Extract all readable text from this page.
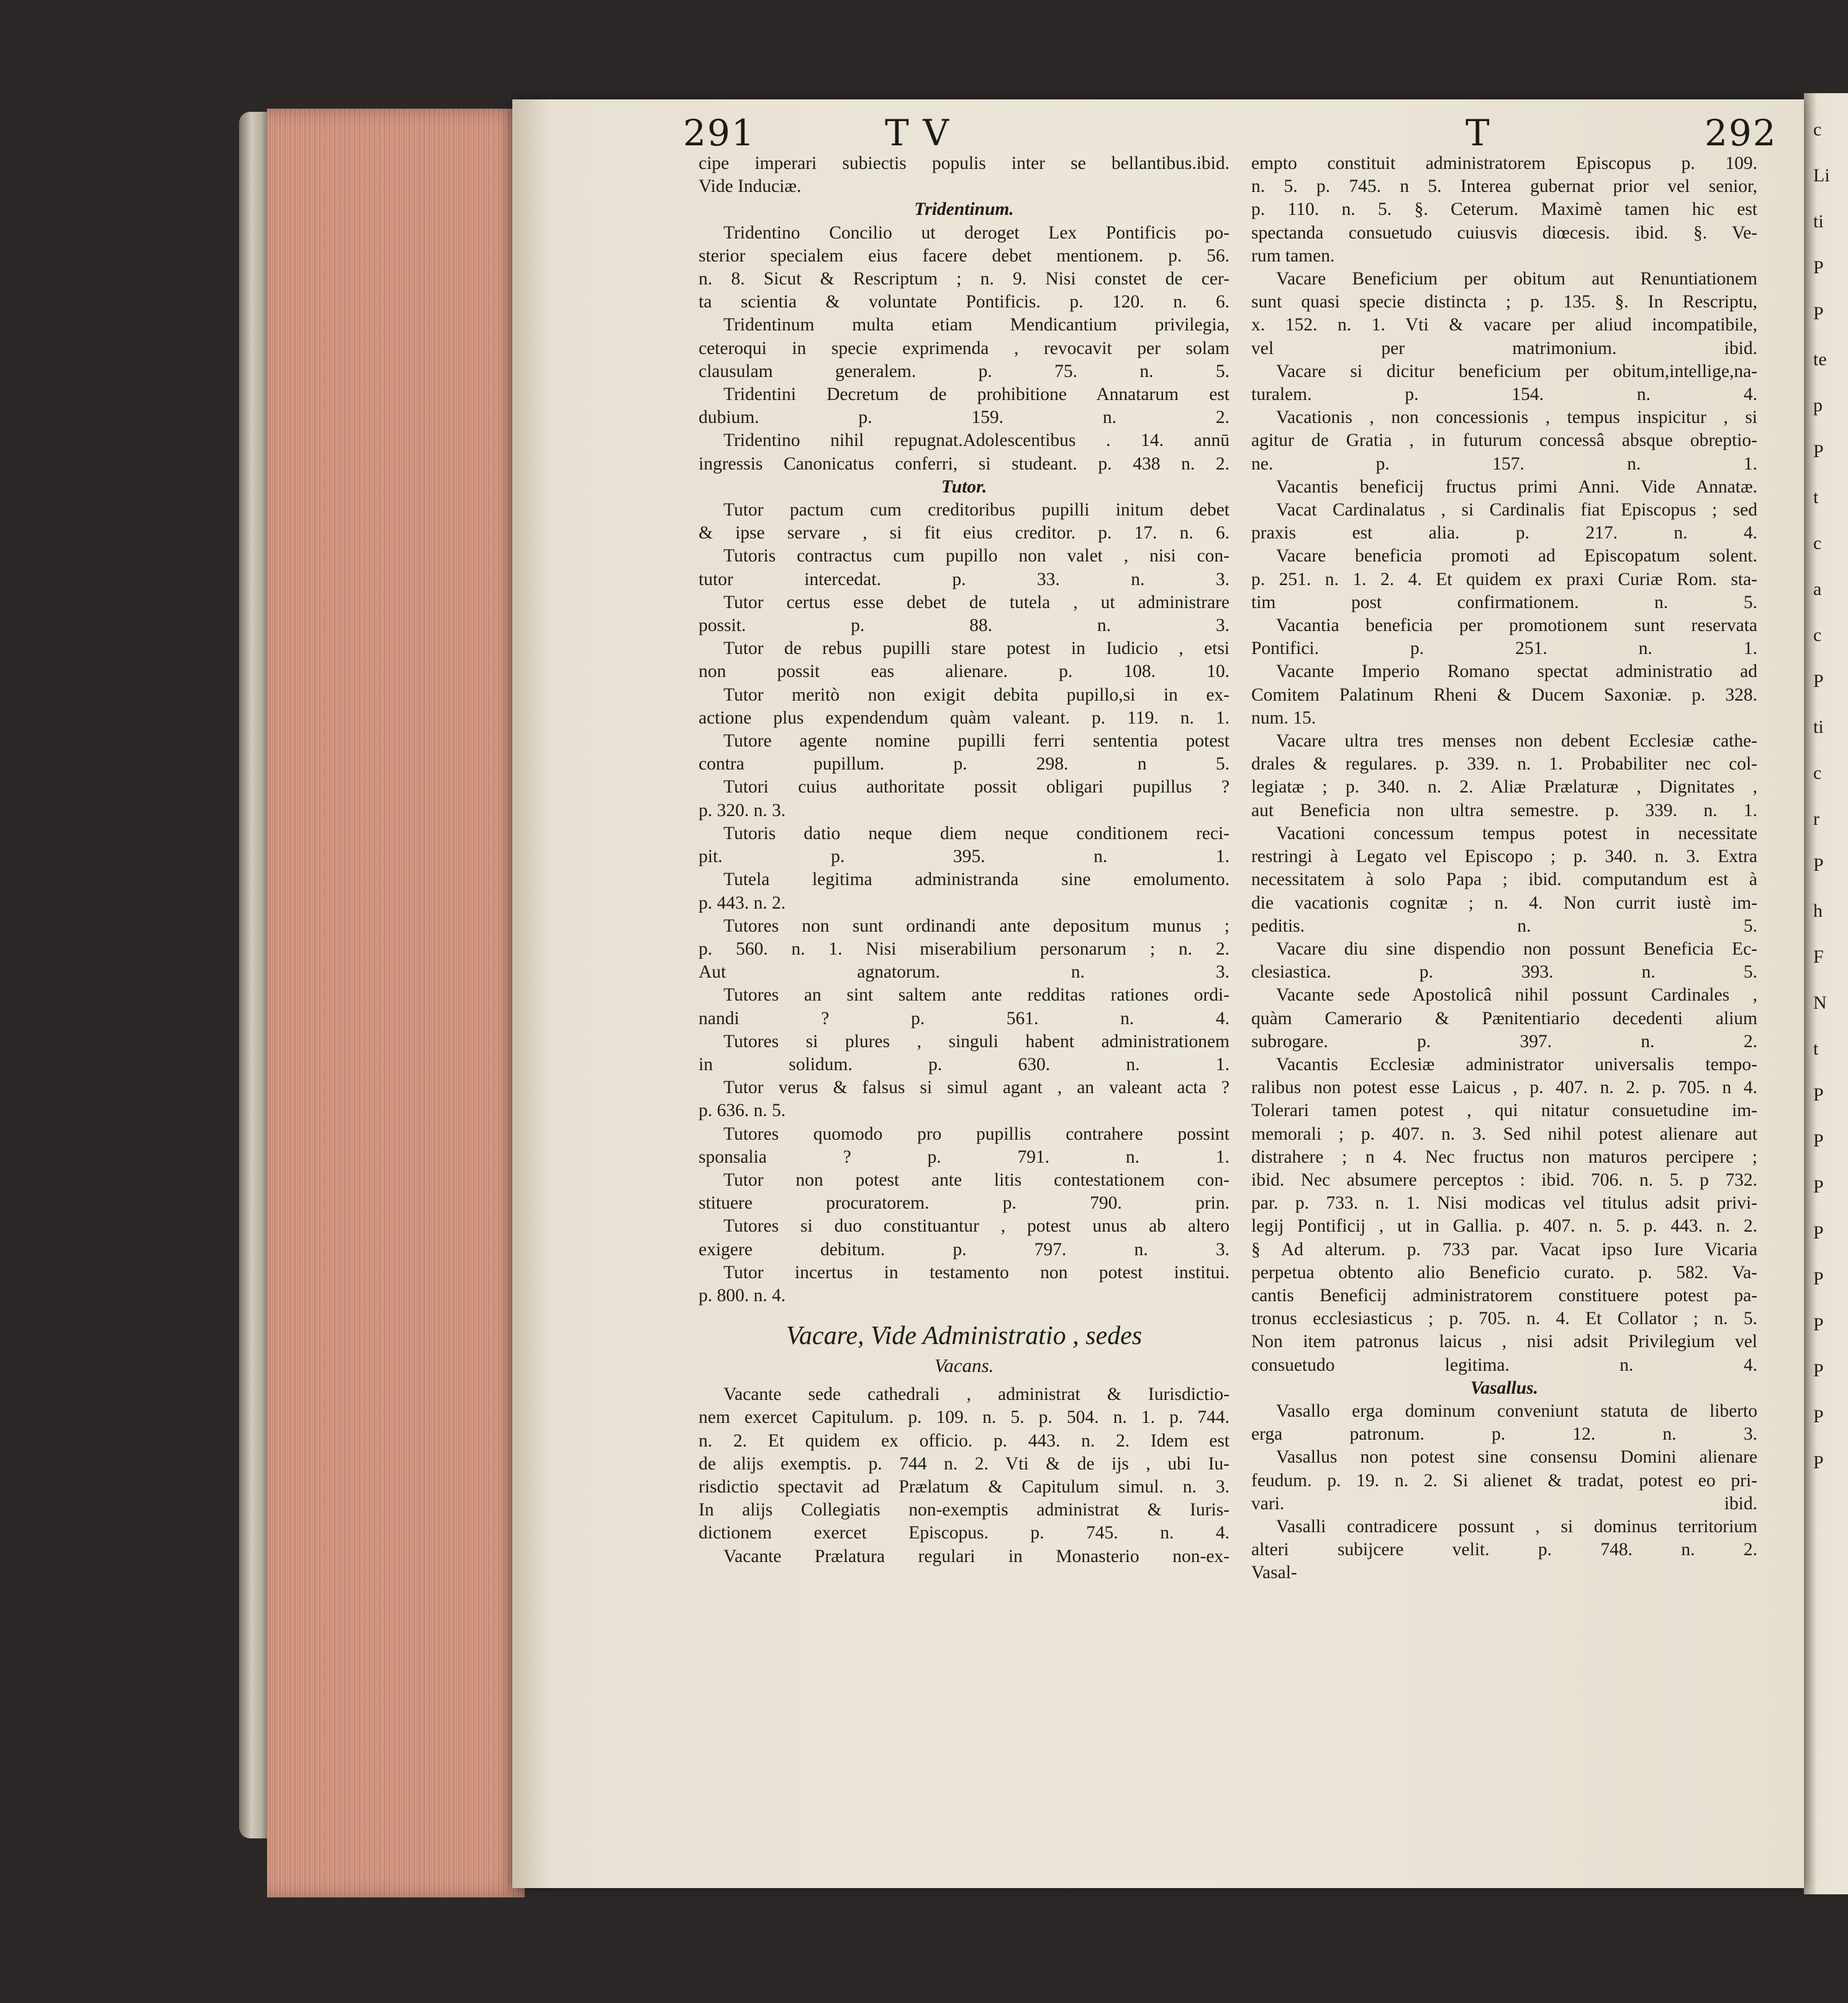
291	T V	T	292
cipe imperari subiectis populis inter se bellantibus.ibid.
Vide Induciæ.
Tridentinum.
Tridentino Concilio ut deroget Lex Pontificis po-
sterior specialem eius facere debet mentionem. p. 56.
n. 8. Sicut & Rescriptum ; n. 9. Nisi constet de cer-
ta scientia & voluntate Pontificis. p. 120. n. 6.
Tridentinum multa etiam Mendicantium privilegia,
ceteroqui in specie exprimenda , revocavit per solam
clausulam generalem. p. 75. n. 5.
Tridentini Decretum de prohibitione Annatarum est
dubium. p. 159. n. 2.
Tridentino nihil repugnat.Adolescentibus . 14. annū
ingressis Canonicatus conferri, si studeant. p. 438 n. 2.
Tutor.
Tutor pactum cum creditoribus pupilli initum debet
& ipse servare , si fit eius creditor. p. 17. n. 6.
Tutoris contractus cum pupillo non valet , nisi con-
tutor intercedat. p. 33. n. 3.
Tutor certus esse debet de tutela , ut administrare
possit. p. 88. n. 3.
Tutor de rebus pupilli stare potest in Iudicio , etsi
non possit eas alienare. p. 108. 10.
Tutor meritò non exigit debita pupillo,si in ex-
actione plus expendendum quàm valeant. p. 119. n. 1.
Tutore agente nomine pupilli ferri sententia potest
contra pupillum. p. 298. n 5.
Tutori cuius authoritate possit obligari pupillus ?
p. 320. n. 3.
Tutoris datio neque diem neque conditionem reci-
pit. p. 395. n. 1.
Tutela legitima administranda sine emolumento.
p. 443. n. 2.
Tutores non sunt ordinandi ante depositum munus ;
p. 560. n. 1. Nisi miserabilium personarum ; n. 2.
Aut agnatorum. n. 3.
Tutores an sint saltem ante redditas rationes ordi-
nandi ? p. 561. n. 4.
Tutores si plures , singuli habent administrationem
in solidum. p. 630. n. 1.
Tutor verus & falsus si simul agant , an valeant acta ?
p. 636. n. 5.
Tutores quomodo pro pupillis contrahere possint
sponsalia ? p. 791. n. 1.
Tutor non potest ante litis contestationem con-
stituere procuratorem. p. 790. prin.
Tutores si duo constituantur , potest unus ab altero
exigere debitum. p. 797. n. 3.
Tutor incertus in testamento non potest institui.
p. 800. n. 4.
Vacare, Vide Administratio , sedes
Vacans.
Vacante sede cathedrali , administrat & Iurisdictio-
nem exercet Capitulum. p. 109. n. 5. p. 504. n. 1. p. 744.
n. 2. Et quidem ex officio. p. 443. n. 2. Idem est
de alijs exemptis. p. 744 n. 2. Vti & de ijs , ubi Iu-
risdictio spectavit ad Prælatum & Capitulum simul. n. 3.
In alijs Collegiatis non-exemptis administrat & Iuris-
dictionem exercet Episcopus. p. 745. n. 4.
Vacante Prælatura regulari in Monasterio non-ex-
empto constituit administratorem Episcopus p. 109.
n. 5. p. 745. n 5. Interea gubernat prior vel senior,
p. 110. n. 5. §. Ceterum. Maximè tamen hic est
spectanda consuetudo cuiusvis diœcesis. ibid. §. Ve-
rum tamen.
Vacare Beneficium per obitum aut Renuntiationem
sunt quasi specie distincta ; p. 135. §. In Rescriptu,
x. 152. n. 1. Vti & vacare per aliud incompatibile,
vel per matrimonium. ibid.
Vacare si dicitur beneficium per obitum,intellige,na-
turalem. p. 154. n. 4.
Vacationis , non concessionis , tempus inspicitur , si
agitur de Gratia , in futurum concessâ absque obreptio-
ne. p. 157. n. 1.
Vacantis beneficij fructus primi Anni. Vide Annatæ.
Vacat Cardinalatus , si Cardinalis fiat Episcopus ; sed
praxis est alia. p. 217. n. 4.
Vacare beneficia promoti ad Episcopatum solent.
p. 251. n. 1. 2. 4. Et quidem ex praxi Curiæ Rom. sta-
tim post confirmationem. n. 5.
Vacantia beneficia per promotionem sunt reservata
Pontifici. p. 251. n. 1.
Vacante Imperio Romano spectat administratio ad
Comitem Palatinum Rheni & Ducem Saxoniæ. p. 328.
num. 15.
Vacare ultra tres menses non debent Ecclesiæ cathe-
drales & regulares. p. 339. n. 1. Probabiliter nec col-
legiatæ ; p. 340. n. 2. Aliæ Prælaturæ , Dignitates ,
aut Beneficia non ultra semestre. p. 339. n. 1.
Vacationi concessum tempus potest in necessitate
restringi à Legato vel Episcopo ; p. 340. n. 3. Extra
necessitatem à solo Papa ; ibid. computandum est à
die vacationis cognitæ ; n. 4. Non currit iustè im-
peditis. n. 5.
Vacare diu sine dispendio non possunt Beneficia Ec-
clesiastica. p. 393. n. 5.
Vacante sede Apostolicâ nihil possunt Cardinales ,
quàm Camerario & Pænitentiario decedenti alium
subrogare. p. 397. n. 2.
Vacantis Ecclesiæ administrator universalis tempo-
ralibus non potest esse Laicus , p. 407. n. 2. p. 705. n 4.
Tolerari tamen potest , qui nitatur consuetudine im-
memorali ; p. 407. n. 3. Sed nihil potest alienare aut
distrahere ; n 4. Nec fructus non maturos percipere ;
ibid. Nec absumere perceptos : ibid. 706. n. 5. p 732.
par. p. 733. n. 1. Nisi modicas vel titulus adsit privi-
legij Pontificij , ut in Gallia. p. 407. n. 5. p. 443. n. 2.
§ Ad alterum. p. 733 par. Vacat ipso Iure Vicaria
perpetua obtento alio Beneficio curato. p. 582. Va-
cantis Beneficij administratorem constituere potest pa-
tronus ecclesiasticus ; p. 705. n. 4. Et Collator ; n. 5.
Non item patronus laicus , nisi adsit Privilegium vel
consuetudo legitima. n. 4.
Vasallus.
Vasallo erga dominum conveniunt statuta de liberto
erga patronum. p. 12. n. 3.
Vasallus non potest sine consensu Domini alienare
feudum. p. 19. n. 2. Si alienet & tradat, potest eo pri-
vari. ibid.
Vasalli contradicere possunt , si dominus territorium
alteri subijcere velit. p. 748. n. 2.
Vasal-
c
Li
ti
P
P
te
p
P
t
c
a
c
P
ti
c
r
P
h
F
N
t
P
P
P
P
P
P
P
P
P
